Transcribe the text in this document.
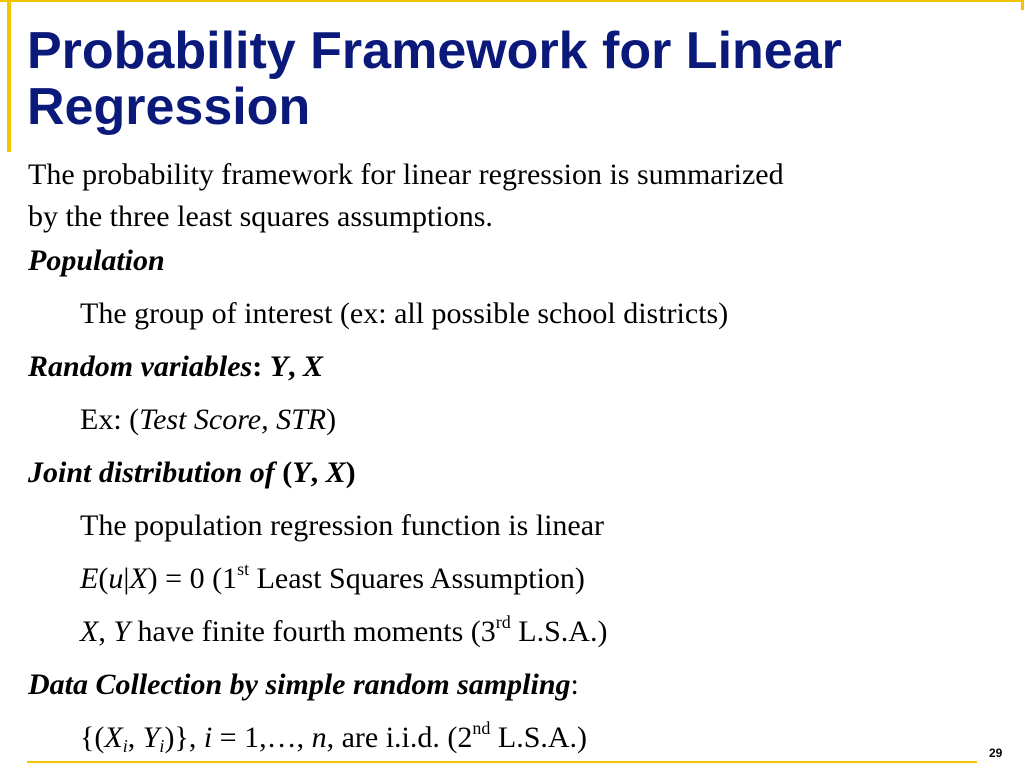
Probability Framework for Linear Regression
The probability framework for linear regression is summarized
by the three least squares assumptions.
Population
The group of interest (ex: all possible school districts)
Random variables: Y, X
Ex: (Test Score, STR)
Joint distribution of (Y, X)
The population regression function is linear
E(u|X) = 0 (1st Least Squares Assumption)
X, Y have finite fourth moments (3rd L.S.A.)
Data Collection by simple random sampling:
{($X_i$, $Y_i$)}, i = 1,…, n, are i.i.d. (2nd L.S.A.)	29
